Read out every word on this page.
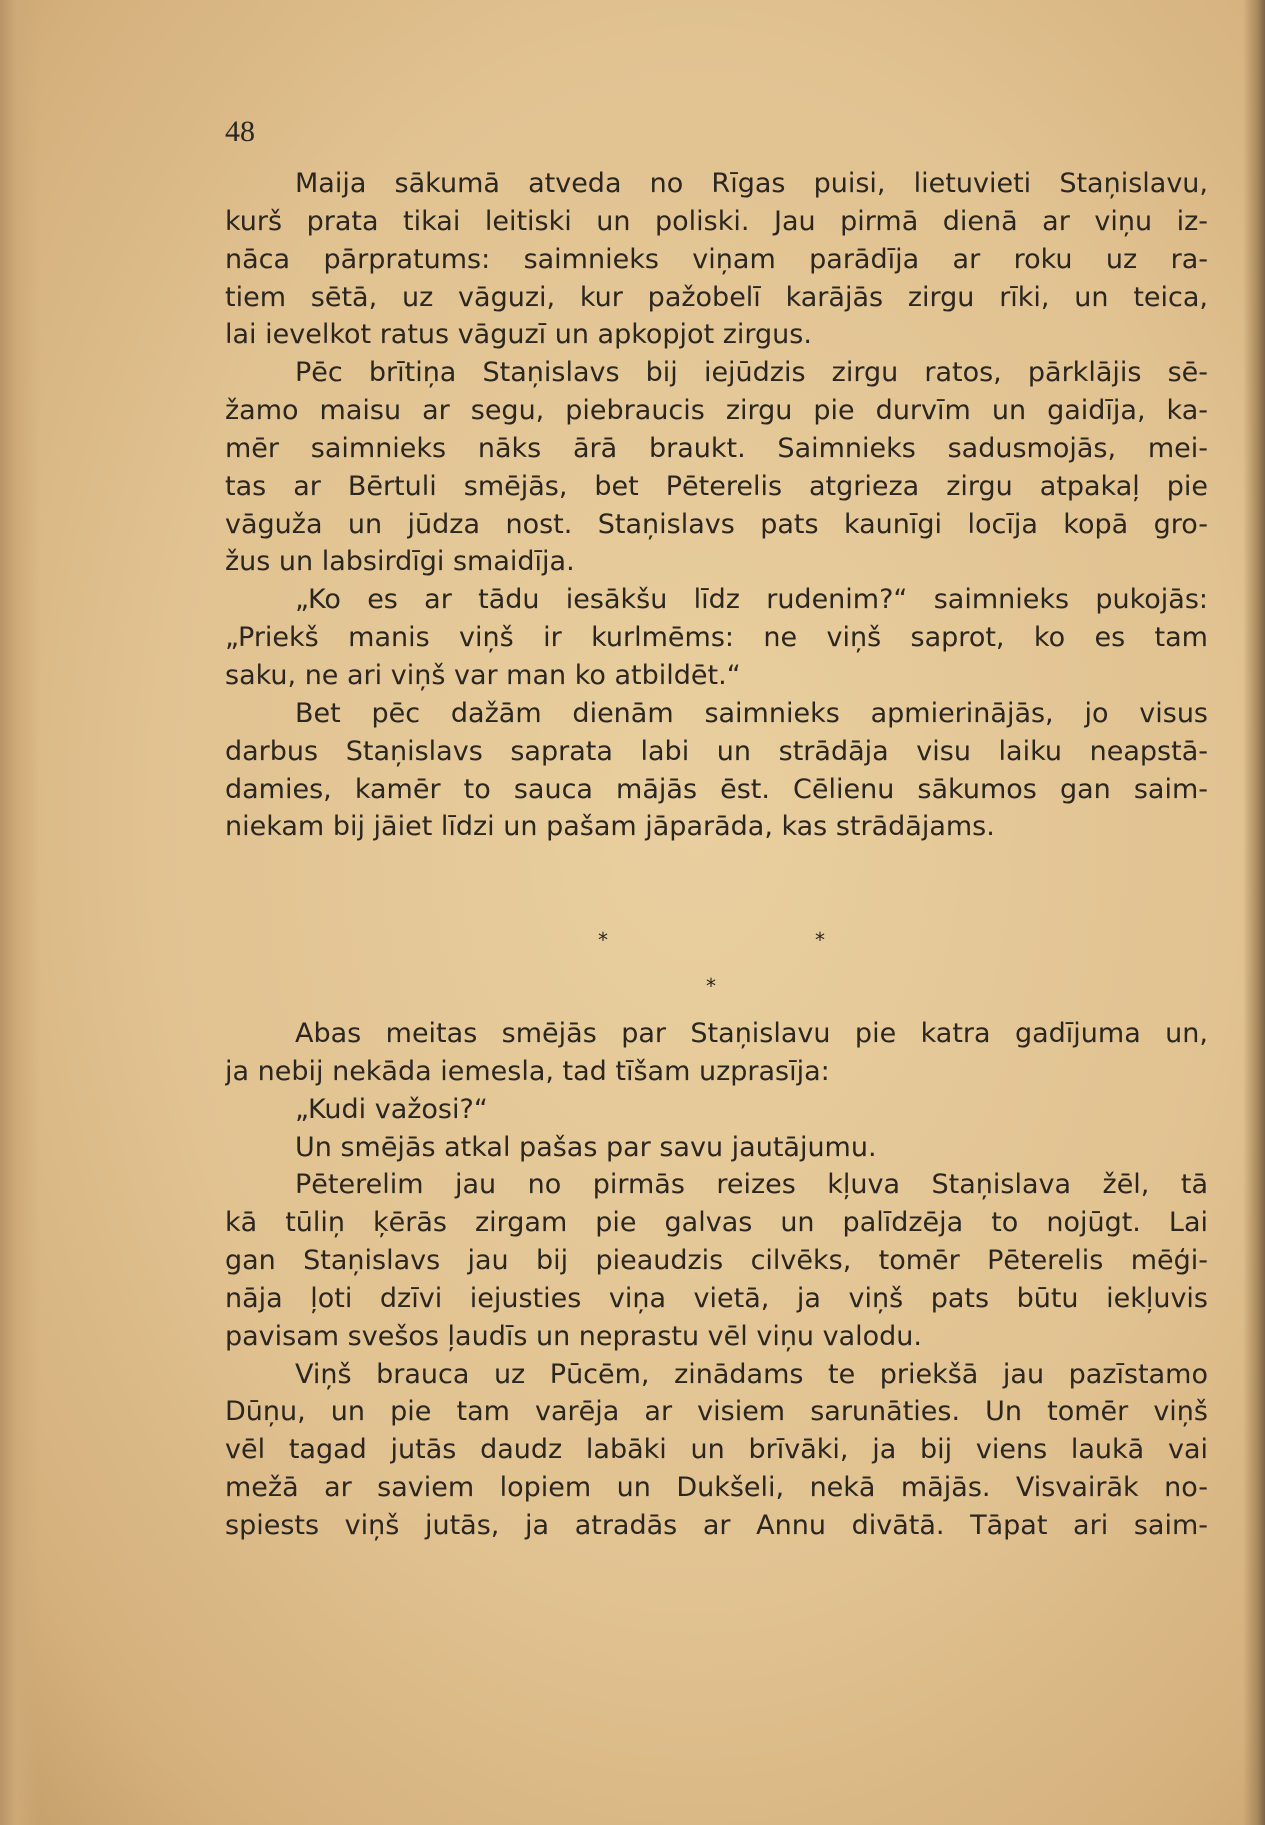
48
Maija sākumā atveda no Rīgas puisi, lietuvieti Staņislavu,
kurš prata tikai leitiski un poliski. Jau pirmā dienā ar viņu iz-
nāca pārpratums: saimnieks viņam parādīja ar roku uz ra-
tiem sētā, uz vāguzi, kur pažobelī karājās zirgu rīki, un teica,
lai ievelkot ratus vāguzī un apkopjot zirgus.
Pēc brītiņa Staņislavs bij iejūdzis zirgu ratos, pārklājis sē-
žamo maisu ar segu, piebraucis zirgu pie durvīm un gaidīja, ka-
mēr saimnieks nāks ārā braukt. Saimnieks sadusmojās, mei-
tas ar Bērtuli smējās, bet Pēterelis atgrieza zirgu atpakaļ pie
vāguža un jūdza nost. Staņislavs pats kaunīgi locīja kopā gro-
žus un labsirdīgi smaidīja.
„Ko es ar tādu iesākšu līdz rudenim?“ saimnieks pukojās:
„Priekš manis viņš ir kurlmēms: ne viņš saprot, ko es tam
saku, ne ari viņš var man ko atbildēt.“
Bet pēc dažām dienām saimnieks apmierinājās, jo visus
darbus Staņislavs saprata labi un strādāja visu laiku neapstā-
damies, kamēr to sauca mājās ēst. Cēlienu sākumos gan saim-
niekam bij jāiet līdzi un pašam jāparāda, kas strādājams.
*	*
*
Abas meitas smējās par Staņislavu pie katra gadījuma un,
ja nebij nekāda iemesla, tad tīšam uzprasīja:
„Kudi važosi?“
Un smējās atkal pašas par savu jautājumu.
Pēterelim jau no pirmās reizes kļuva Staņislava žēl, tā
kā tūliņ ķērās zirgam pie galvas un palīdzēja to nojūgt. Lai
gan Staņislavs jau bij pieaudzis cilvēks, tomēr Pēterelis mēģi-
nāja ļoti dzīvi iejusties viņa vietā, ja viņš pats būtu iekļuvis
pavisam svešos ļaudīs un neprastu vēl viņu valodu.
Viņš brauca uz Pūcēm, zinādams te priekšā jau pazīstamo
Dūņu, un pie tam varēja ar visiem sarunāties. Un tomēr viņš
vēl tagad jutās daudz labāki un brīvāki, ja bij viens laukā vai
mežā ar saviem lopiem un Dukšeli, nekā mājās. Visvairāk no-
spiests viņš jutās, ja atradās ar Annu divātā. Tāpat ari saim-
